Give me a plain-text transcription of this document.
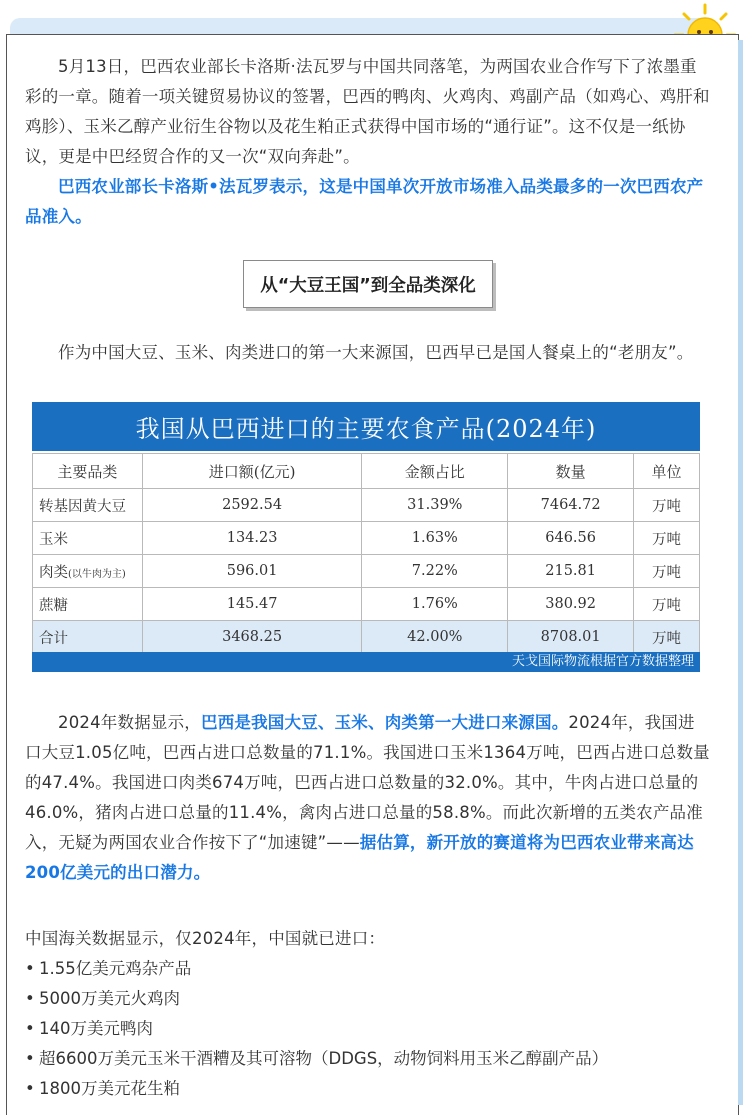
5月13日，巴西农业部长卡洛斯·法瓦罗与中国共同落笔，为两国农业合作写下了浓墨重彩的一章。随着一项关键贸易协议的签署，巴西的鸭肉、火鸡肉、鸡副产品（如鸡心、鸡肝和鸡胗）、玉米乙醇产业衍生谷物以及花生粕正式获得中国市场的“通行证”。这不仅是一纸协议，更是中巴经贸合作的又一次“双向奔赴”。

巴西农业部长卡洛斯•法瓦罗表示，这是中国单次开放市场准入品类最多的一次巴西农产品准入。

从“大豆王国”到全品类深化

作为中国大豆、玉米、肉类进口的第一大来源国，巴西早已是国人餐桌上的“老朋友”。

我国从巴西进口的主要农食产品(2024年)
主要品类	进口额(亿元)	金额占比	数量	单位
转基因黄大豆	2592.54	31.39%	7464.72	万吨
玉米	134.23	1.63%	646.56	万吨
肉类(以牛肉为主)	596.01	7.22%	215.81	万吨
蔗糖	145.47	1.76%	380.92	万吨
合计	3468.25	42.00%	8708.01	万吨
天戈国际物流根据官方数据整理

2024年数据显示，巴西是我国大豆、玉米、肉类第一大进口来源国。2024年，我国进口大豆1.05亿吨，巴西占进口总数量的71.1%。我国进口玉米1364万吨，巴西占进口总数量的47.4%。我国进口肉类674万吨，巴西占进口总数量的32.0%。其中，牛肉占进口总量的46.0%，猪肉占进口总量的11.4%，禽肉占进口总量的58.8%。而此次新增的五类农产品准入，无疑为两国农业合作按下了“加速键”——据估算，新开放的赛道将为巴西农业带来高达200亿美元的出口潜力。

中国海关数据显示，仅2024年，中国就已进口：

• 1.55亿美元鸡杂产品
• 5000万美元火鸡肉
• 140万美元鸭肉
• 超6600万美元玉米干酒糟及其可溶物（DDGS，动物饲料用玉米乙醇副产品）
• 1800万美元花生粕
